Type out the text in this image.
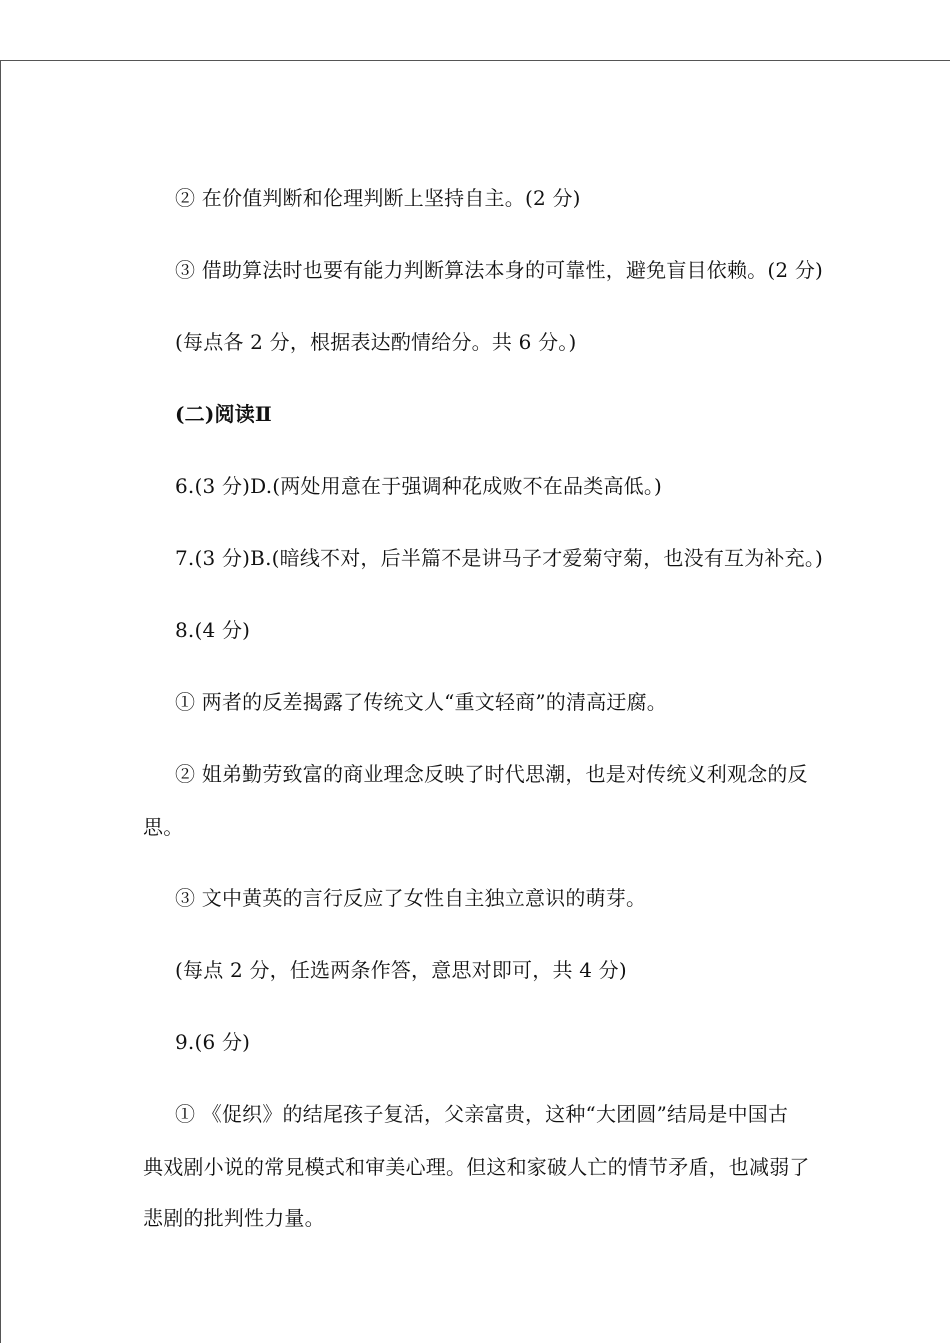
② 在价值判断和伦理判断上坚持自主。(2 分)
③ 借助算法时也要有能力判断算法本身的可靠性，避免盲目依赖。(2 分)
(每点各 2 分，根据表达酌情给分。共 6 分。)
(二)阅读Ⅱ
6.(3 分)D.(两处用意在于强调种花成败不在品类高低。)
7.(3 分)B.(暗线不对，后半篇不是讲马子才爱菊守菊，也没有互为补充。)
8.(4 分)
① 两者的反差揭露了传统文人“重文轻商”的清高迂腐。
② 姐弟勤劳致富的商业理念反映了时代思潮，也是对传统义利观念的反
思。
③ 文中黄英的言行反应了女性自主独立意识的萌芽。
(每点 2 分，任选两条作答，意思对即可，共 4 分)
9.(6 分)
① 《促织》的结尾孩子复活，父亲富贵，这种“大团圆”结局是中国古
典戏剧小说的常見模式和审美心理。但这和家破人亡的情节矛盾，也减弱了
悲剧的批判性力量。
